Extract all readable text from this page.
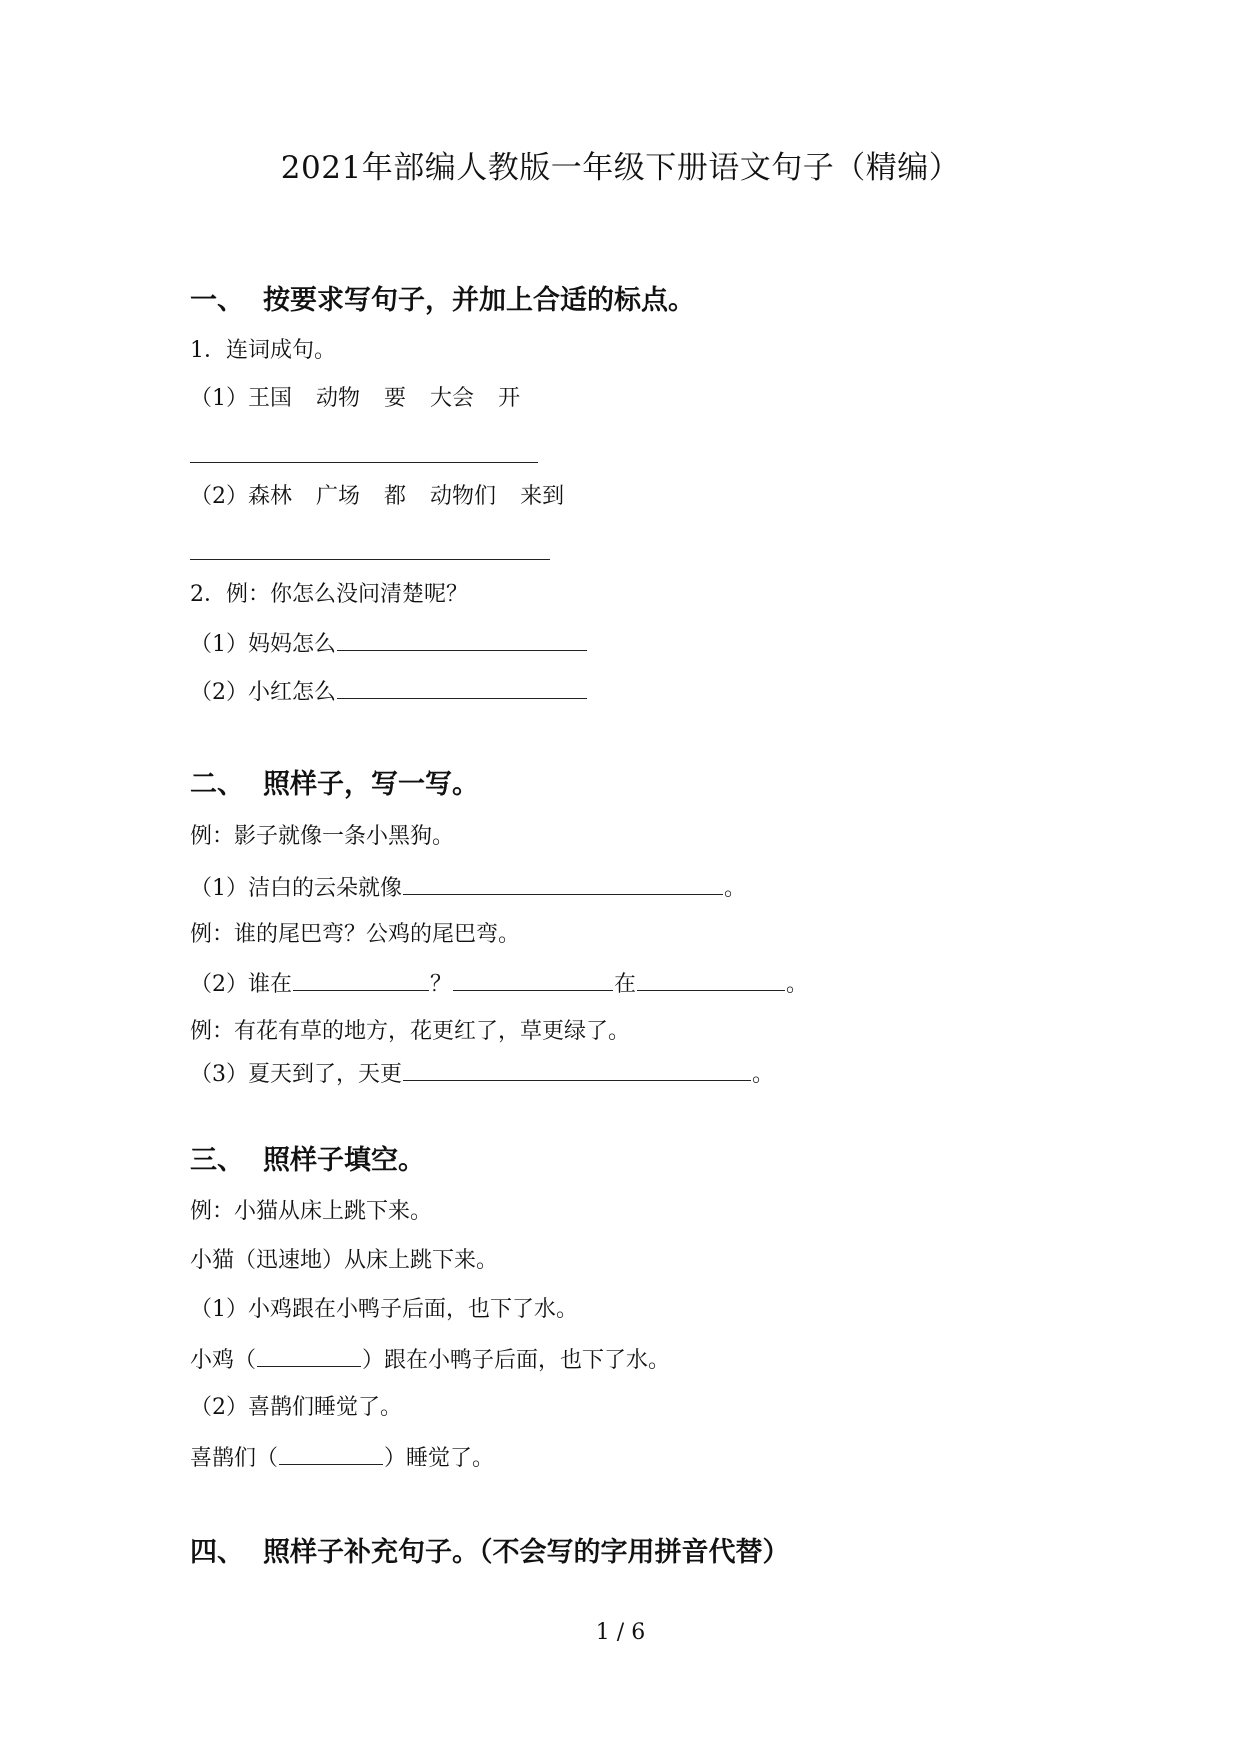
2021年部编人教版一年级下册语文句子（精编）
一、 按要求写句子，并加上合适的标点。
1．连词成句。
（1）王国 动物 要 大会 开
（2）森林 广场 都 动物们 来到
2．例：你怎么没问清楚呢？
（1）妈妈怎么
（2）小红怎么
二、 照样子，写一写。
例：影子就像一条小黑狗。
（1）洁白的云朵就像	。
例：谁的尾巴弯？公鸡的尾巴弯。
（2）谁在	？	在	。
例：有花有草的地方，花更红了，草更绿了。
（3）夏天到了，天更	。
三、 照样子填空。
例：小猫从床上跳下来。
小猫（迅速地）从床上跳下来。
（1）小鸡跟在小鸭子后面，也下了水。
小鸡（	）跟在小鸭子后面，也下了水。
（2）喜鹊们睡觉了。
喜鹊们（	）睡觉了。
四、 照样子补充句子。（不会写的字用拼音代替）
1 / 6
